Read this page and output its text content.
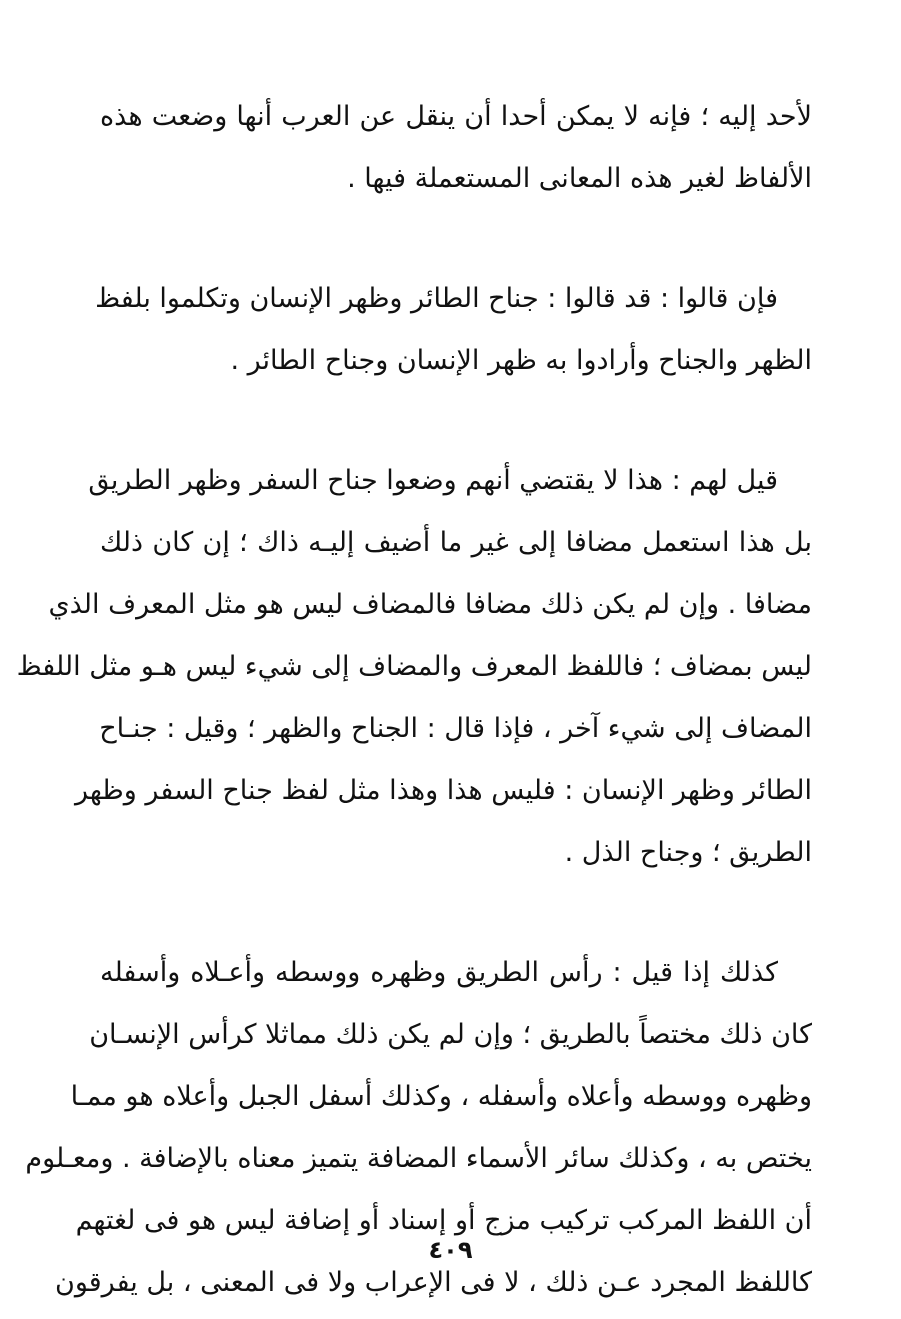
لأحد إليه ؛ فإنه لا يمكن أحدا أن ينقل عن العرب أنها وضعت هذه
الألفاظ لغير هذه المعانى المستعملة فيها .
فإن قالوا : قد قالوا : جناح الطائر وظهر الإنسان وتكلموا بلفظ
الظهر والجناح وأرادوا به ظهر الإنسان وجناح الطائر .
قيل لهم : هذا لا يقتضي أنهم وضعوا جناح السفر وظهر الطريق
بل هذا استعمل مضافا إلى غير ما أضيف إليـه ذاك ؛ إن كان ذلك
مضافا . وإن لم يكن ذلك مضافا فالمضاف ليس هو مثل المعرف الذي
ليس بمضاف ؛ فاللفظ المعرف والمضاف إلى شيء ليس هـو مثل اللفظ
المضاف إلى شيء آخر ، فإذا قال : الجناح والظهر ؛ وقيل : جنـاح
الطائر وظهر الإنسان : فليس هذا وهذا مثل لفظ جناح السفر وظهر
الطريق ؛ وجناح الذل .
كذلك إذا قيل : رأس الطريق وظهره ووسطه وأعـلاه وأسفله
كان ذلك مختصاً بالطريق ؛ وإن لم يكن ذلك مماثلا كرأس الإنسـان
وظهره ووسطه وأعلاه وأسفله ، وكذلك أسفل الجبل وأعلاه هو ممـا
يختص به ، وكذلك سائر الأسماء المضافة يتميز معناه بالإضافة . ومعـلوم
أن اللفظ المركب تركيب مزج أو إسناد أو إضافة ليس هو فى لغتهم
كاللفظ المجرد عـن ذلك ، لا فى الإعراب ولا فى المعنى ، بل يفرقون
٤٠٩
